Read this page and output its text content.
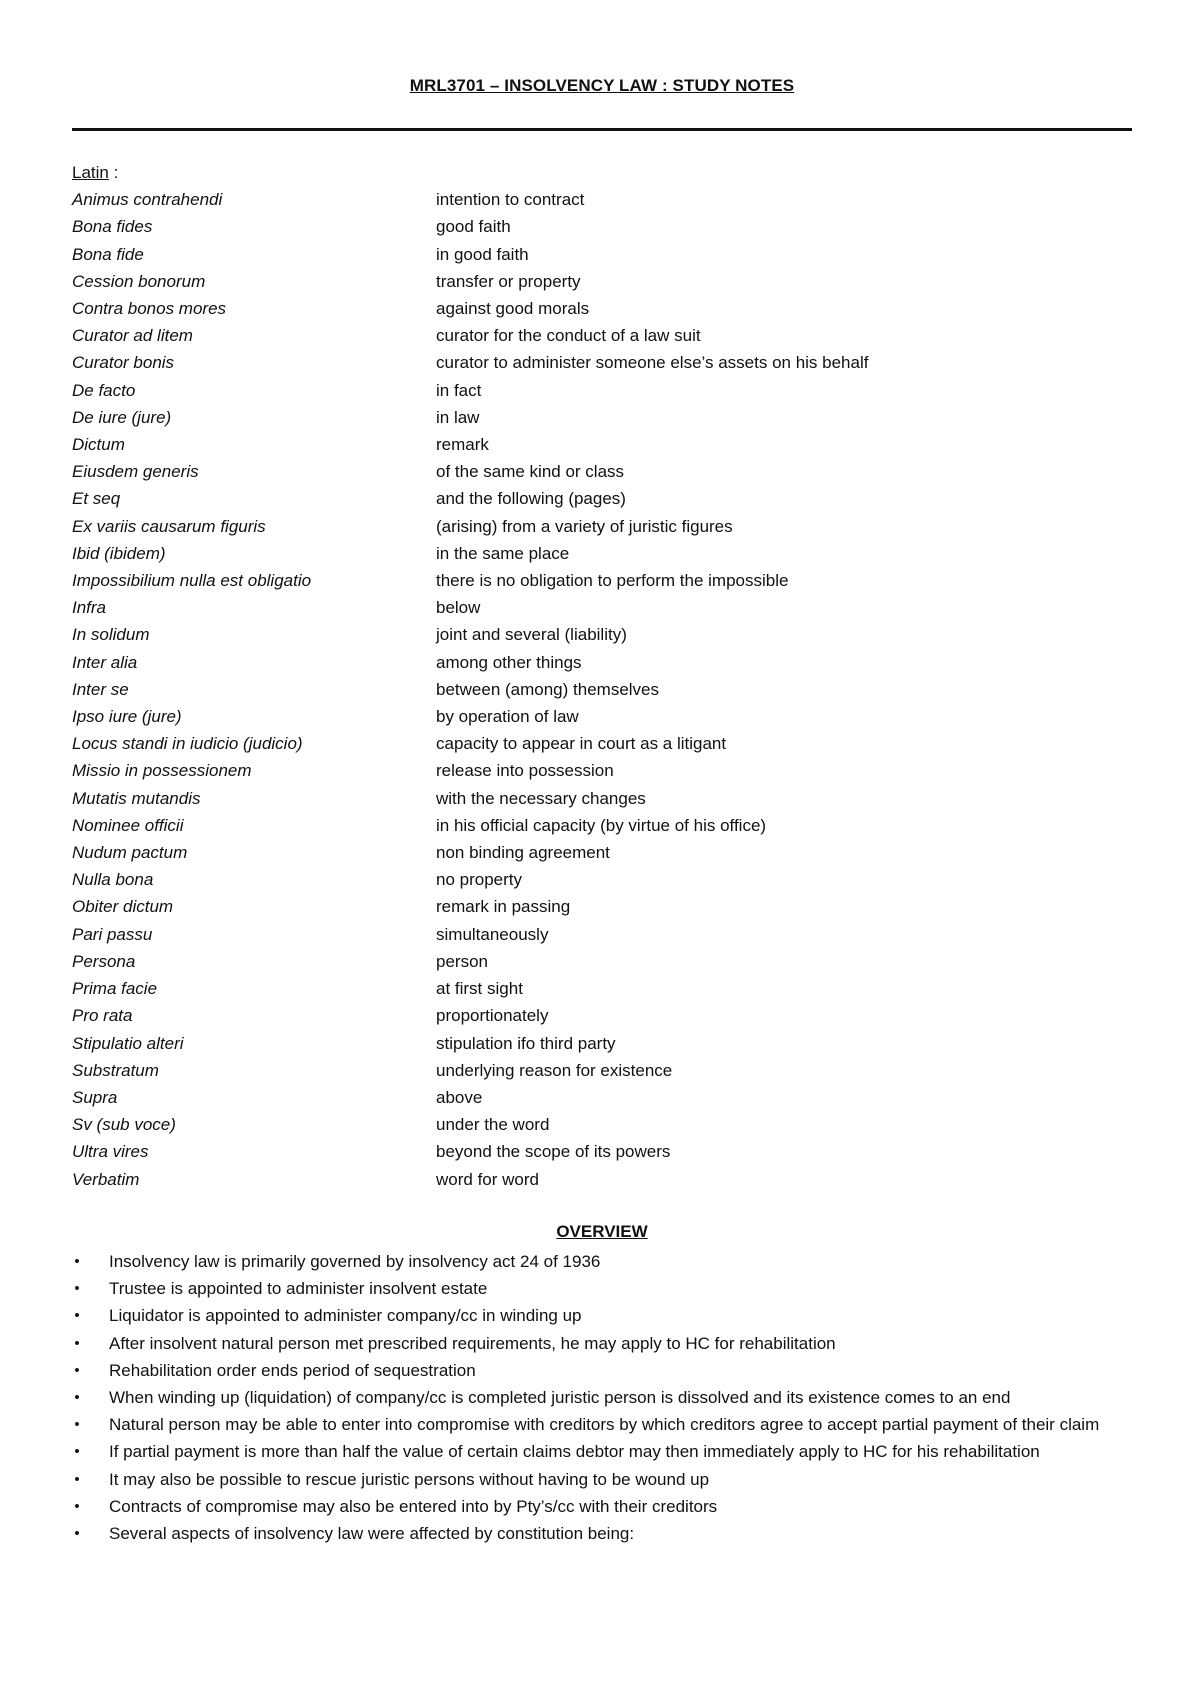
MRL3701 – INSOLVENCY LAW : STUDY NOTES
Latin :
Animus contrahendi	intention to contract
Bona fides	good faith
Bona fide	in good faith
Cession bonorum	transfer or property
Contra bonos mores	against good morals
Curator ad litem	curator for the conduct of a law suit
Curator bonis	curator to administer someone else’s assets on his behalf
De facto	in fact
De iure (jure)	in law
Dictum	remark
Eiusdem generis	of the same kind or class
Et seq	and the following (pages)
Ex variis causarum figuris	(arising) from a variety of juristic figures
Ibid (ibidem)	in the same place
Impossibilium nulla est obligatio	there is no obligation to perform the impossible
Infra	below
In solidum	joint and several (liability)
Inter alia	among other things
Inter se	between (among) themselves
Ipso iure (jure)	by operation of law
Locus standi in iudicio (judicio)	capacity to appear in court as a litigant
Missio in possessionem	release into possession
Mutatis mutandis	with the necessary changes
Nominee officii	in his official capacity (by virtue of his office)
Nudum pactum	non binding agreement
Nulla bona	no property
Obiter dictum	remark in passing
Pari passu	simultaneously
Persona	person
Prima facie	at first sight
Pro rata	proportionately
Stipulatio alteri	stipulation ifo third party
Substratum	underlying reason for existence
Supra	above
Sv (sub voce)	under the word
Ultra vires	beyond the scope of its powers
Verbatim	word for word
OVERVIEW
• Insolvency law is primarily governed by insolvency act 24 of 1936
• Trustee is appointed to administer insolvent estate
• Liquidator is appointed to administer company/cc in winding up
• After insolvent natural person met prescribed requirements, he may apply to HC for rehabilitation
• Rehabilitation order ends period of sequestration
• When winding up (liquidation) of company/cc is completed juristic person is dissolved and its existence comes to an end
• Natural person may be able to enter into compromise with creditors by which creditors agree to accept partial payment of their claim
• If partial payment is more than half the value of certain claims debtor may then immediately apply to HC for his rehabilitation
• It may also be possible to rescue juristic persons without having to be wound up
• Contracts of compromise may also be entered into by Pty’s/cc with their creditors
• Several aspects of insolvency law were affected by constitution being:
